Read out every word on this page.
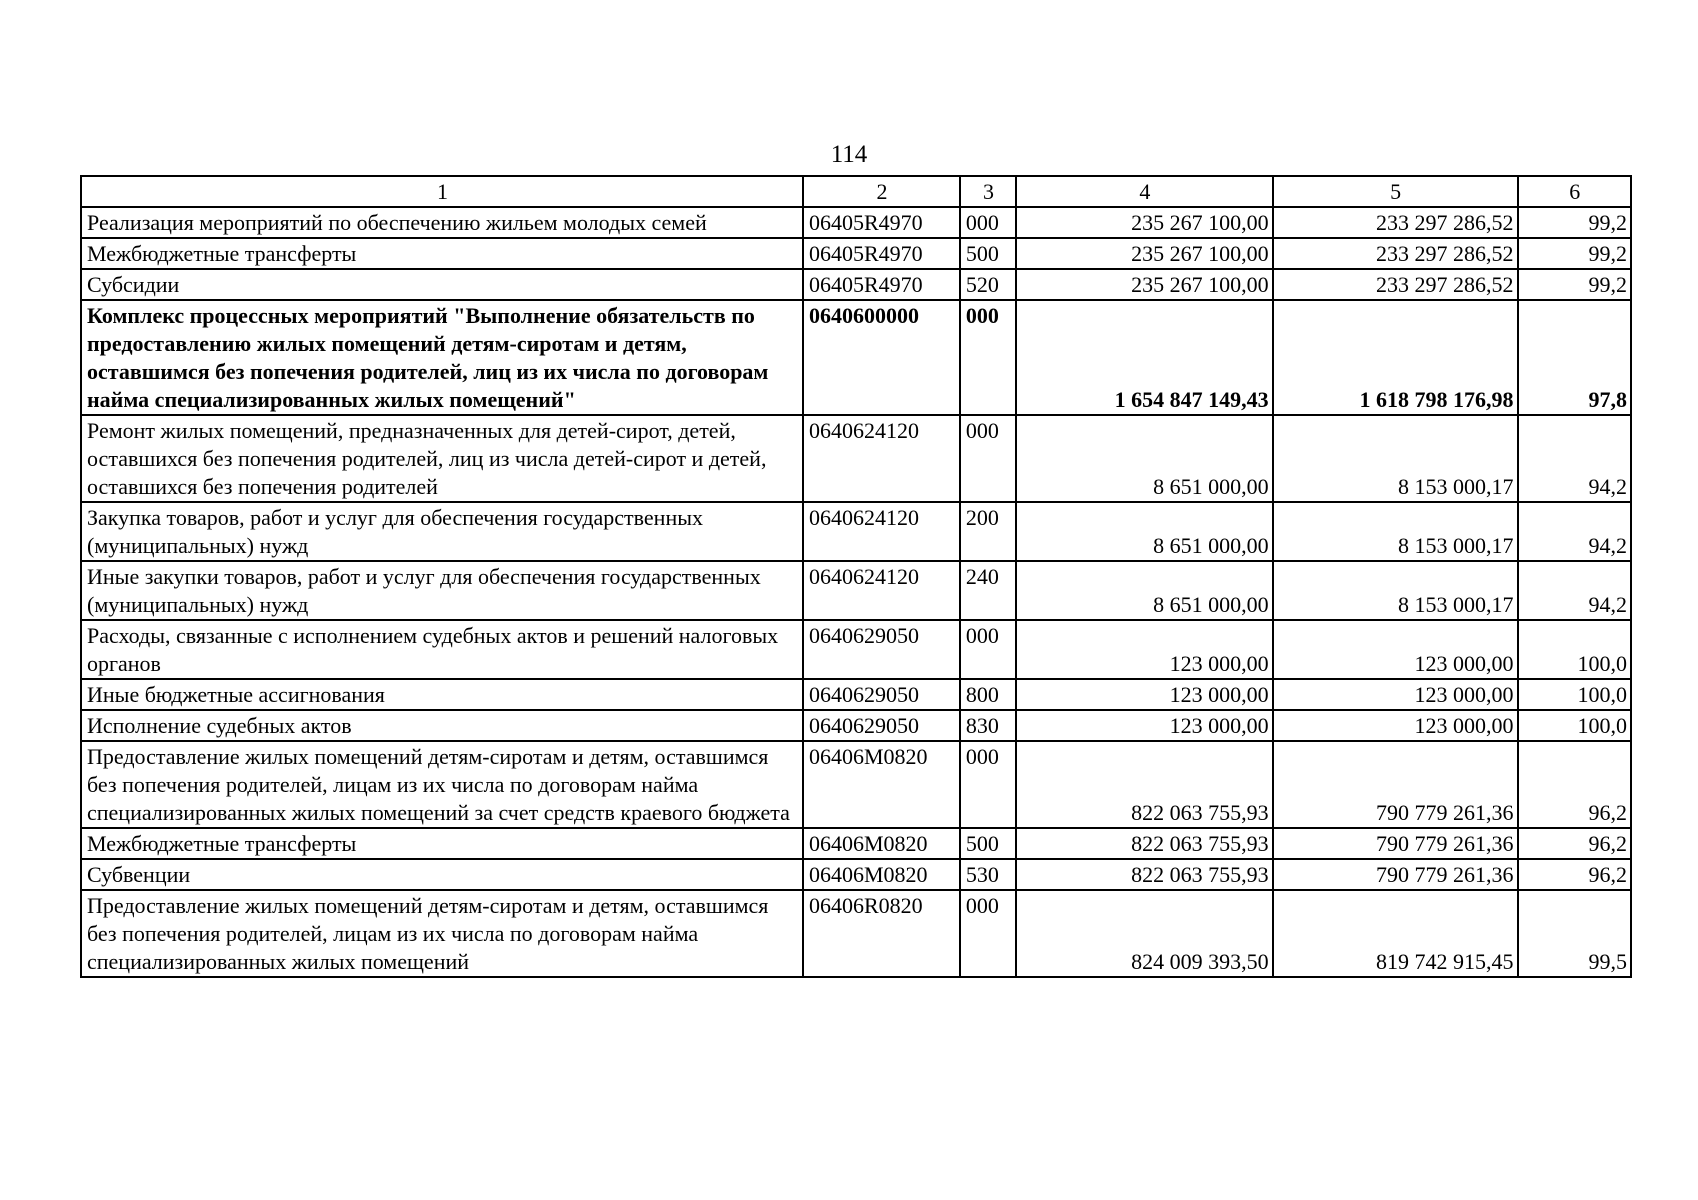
114
1	2	3	4	5	6
Реализация мероприятий по обеспечению жильем молодых семей	06405R4970	000	235 267 100,00	233 297 286,52	99,2
Межбюджетные трансферты	06405R4970	500	235 267 100,00	233 297 286,52	99,2
Субсидии	06405R4970	520	235 267 100,00	233 297 286,52	99,2
Комплекс процессных мероприятий "Выполнение обязательств по предоставлению жилых помещений детям-сиротам и детям, оставшимся без попечения родителей, лиц из их числа по договорам найма специализированных жилых помещений"	0640600000	000	1 654 847 149,43	1 618 798 176,98	97,8
Ремонт жилых помещений, предназначенных для детей-сирот, детей, оставшихся без попечения родителей, лиц из числа детей-сирот и детей, оставшихся без попечения родителей	0640624120	000	8 651 000,00	8 153 000,17	94,2
Закупка товаров, работ и услуг для обеспечения государственных (муниципальных) нужд	0640624120	200	8 651 000,00	8 153 000,17	94,2
Иные закупки товаров, работ и услуг для обеспечения государственных (муниципальных) нужд	0640624120	240	8 651 000,00	8 153 000,17	94,2
Расходы, связанные с исполнением судебных актов и решений налоговых органов	0640629050	000	123 000,00	123 000,00	100,0
Иные бюджетные ассигнования	0640629050	800	123 000,00	123 000,00	100,0
Исполнение судебных актов	0640629050	830	123 000,00	123 000,00	100,0
Предоставление жилых помещений детям-сиротам и детям, оставшимся без попечения родителей, лицам из их числа по договорам найма специализированных жилых помещений за счет средств краевого бюджета	06406M0820	000	822 063 755,93	790 779 261,36	96,2
Межбюджетные трансферты	06406M0820	500	822 063 755,93	790 779 261,36	96,2
Субвенции	06406M0820	530	822 063 755,93	790 779 261,36	96,2
Предоставление жилых помещений детям-сиротам и детям, оставшимся без попечения родителей, лицам из их числа по договорам найма специализированных жилых помещений	06406R0820	000	824 009 393,50	819 742 915,45	99,5
